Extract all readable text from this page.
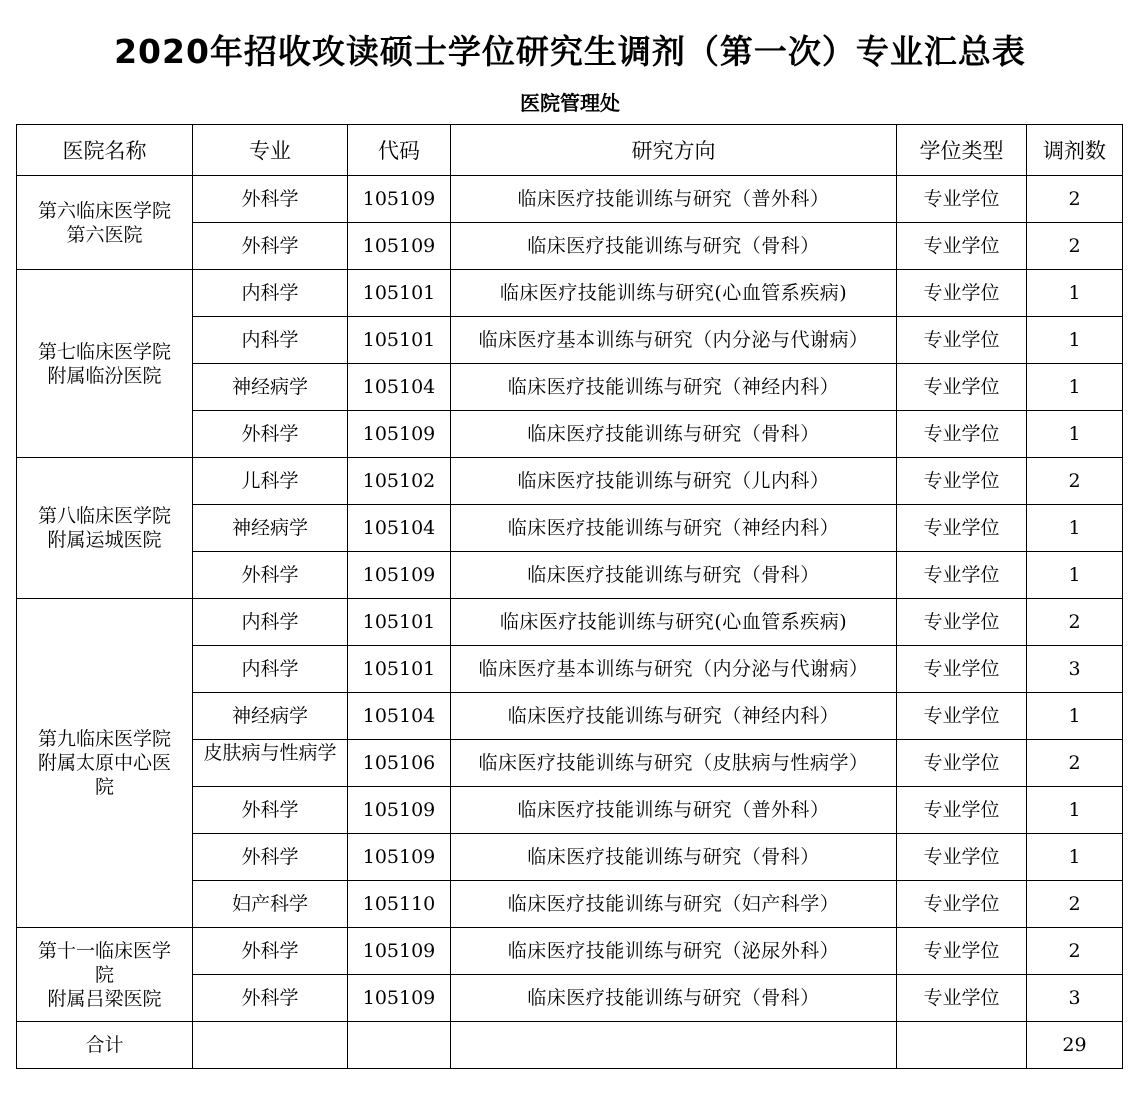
2020年招收攻读硕士学位研究生调剂（第一次）专业汇总表
医院管理处
医院名称	专业	代码	研究方向	学位类型	调剂数

第六临床医学院
第六医院	外科学	105109	临床医疗技能训练与研究（普外科）	专业学位	2
	外科学	105109	临床医疗技能训练与研究（骨科）	专业学位	2

第七临床医学院
附属临汾医院	内科学	105101	临床医疗技能训练与研究(心血管系疾病)	专业学位	1
	内科学	105101	临床医疗基本训练与研究（内分泌与代谢病）	专业学位	1
	神经病学	105104	临床医疗技能训练与研究（神经内科）	专业学位	1
	外科学	105109	临床医疗技能训练与研究（骨科）	专业学位	1

第八临床医学院
附属运城医院	儿科学	105102	临床医疗技能训练与研究（儿内科）	专业学位	2
	神经病学	105104	临床医疗技能训练与研究（神经内科）	专业学位	1
	外科学	105109	临床医疗技能训练与研究（骨科）	专业学位	1

第九临床医学院
附属太原中心医
院	内科学	105101	临床医疗技能训练与研究(心血管系疾病)	专业学位	2
	内科学	105101	临床医疗基本训练与研究（内分泌与代谢病）	专业学位	3
	神经病学	105104	临床医疗技能训练与研究（神经内科）	专业学位	1

	皮肤病与性病学	105106	临床医疗技能训练与研究（皮肤病与性病学）	专业学位	2
	外科学	105109	临床医疗技能训练与研究（普外科）	专业学位	1
	外科学	105109	临床医疗技能训练与研究（骨科）	专业学位	1
	妇产科学	105110	临床医疗技能训练与研究（妇产科学）	专业学位	2

第十一临床医学
院
附属吕梁医院	外科学	105109	临床医疗技能训练与研究（泌尿外科）	专业学位	2
	外科学	105109	临床医疗技能训练与研究（骨科）	专业学位	3
合计					29
